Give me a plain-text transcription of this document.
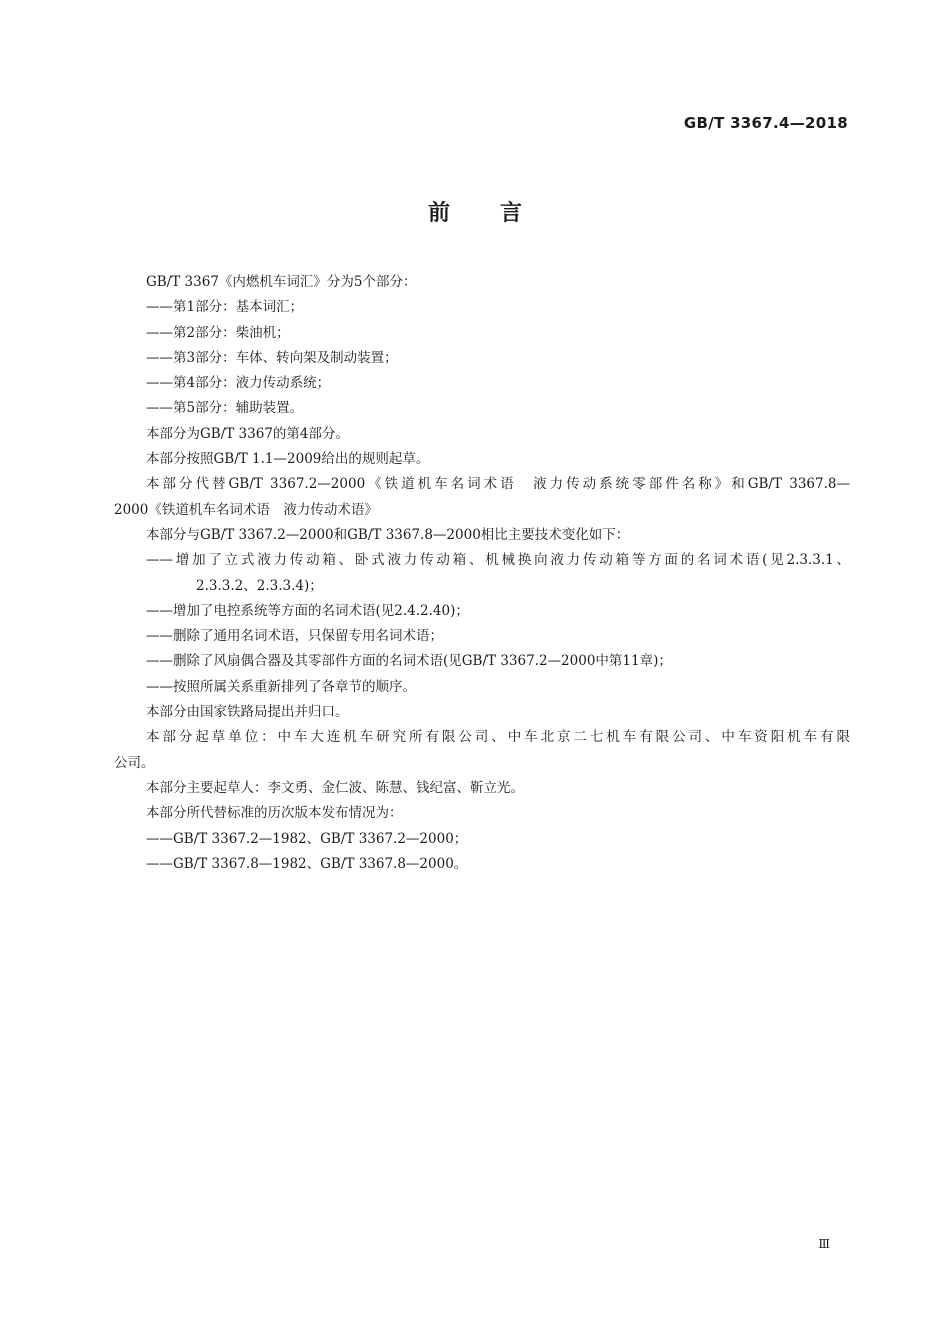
GB/T 3367.4—2018
前言
GB/T 3367《内燃机车词汇》分为5个部分：
——第1部分：基本词汇；
——第2部分：柴油机；
——第3部分：车体、转向架及制动装置；
——第4部分：液力传动系统；
——第5部分：辅助装置。
本部分为GB/T 3367的第4部分。
本部分按照GB/T 1.1—2009给出的规则起草。
本部分代替GB/T 3367.2—2000《铁道机车名词术语　液力传动系统零部件名称》和GB/T 3367.8—
2000《铁道机车名词术语　液力传动术语》
本部分与GB/T 3367.2—2000和GB/T 3367.8—2000相比主要技术变化如下：
——增加了立式液力传动箱、卧式液力传动箱、机械换向液力传动箱等方面的名词术语(见2.3.3.1、
2.3.3.2、2.3.3.4)；
——增加了电控系统等方面的名词术语(见2.4.2.40)；
——删除了通用名词术语，只保留专用名词术语；
——删除了风扇偶合器及其零部件方面的名词术语(见GB/T 3367.2—2000中第11章)；
——按照所属关系重新排列了各章节的顺序。
本部分由国家铁路局提出并归口。
本部分起草单位：中车大连机车研究所有限公司、中车北京二七机车有限公司、中车资阳机车有限
公司。
本部分主要起草人：李文勇、金仁波、陈慧、钱纪富、靳立光。
本部分所代替标准的历次版本发布情况为：
——GB/T 3367.2—1982、GB/T 3367.2—2000；
——GB/T 3367.8—1982、GB/T 3367.8—2000。
Ⅲ
